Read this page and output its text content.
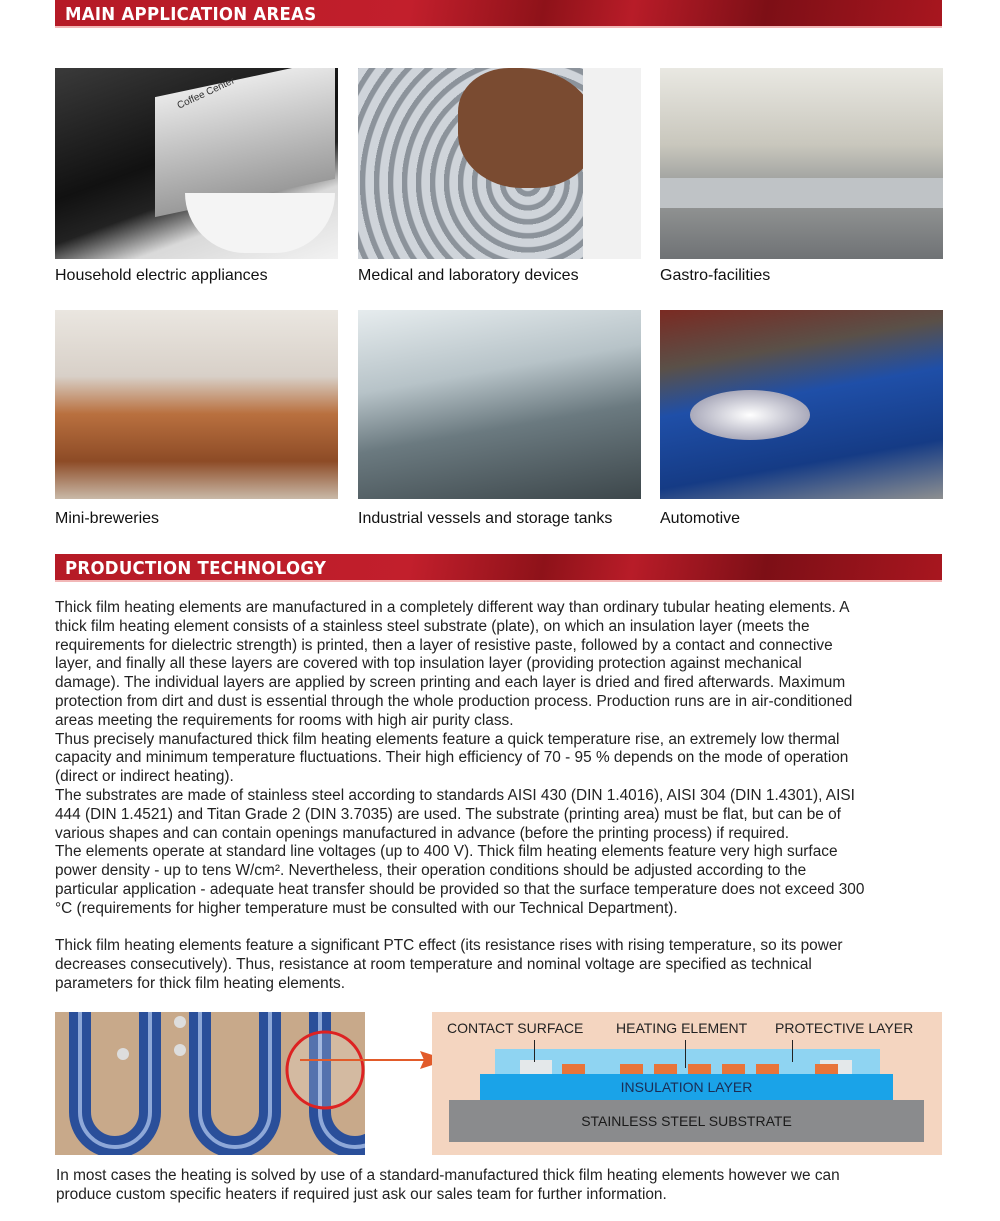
MAIN APPLICATION AREAS
Coffee Center
Household electric appliances	Medical and laboratory devices	Gastro-facilities
Mini-breweries	Industrial vessels and storage tanks	Automotive
PRODUCTION TECHNOLOGY
Thick film heating elements are manufactured in a completely different way than ordinary tubular heating elements. A
thick film heating element consists of a stainless steel substrate (plate), on which an insulation layer (meets the
requirements for dielectric strength) is printed, then a layer of resistive paste, followed by a contact and connective
layer, and finally all these layers are covered with top insulation layer (providing protection against mechanical
damage). The individual layers are applied by screen printing and each layer is dried and fired afterwards. Maximum
protection from dirt and dust is essential through the whole production process. Production runs are in air-conditioned
areas meeting the requirements for rooms with high air purity class.
Thus precisely manufactured thick film heating elements feature a quick temperature rise, an extremely low thermal
capacity and minimum temperature fluctuations. Their high efficiency of 70 - 95 % depends on the mode of operation
(direct or indirect heating).
The substrates are made of stainless steel according to standards AISI 430 (DIN 1.4016), AISI 304 (DIN 1.4301), AISI
444 (DIN 1.4521) and Titan Grade 2 (DIN 3.7035) are used. The substrate (printing area) must be flat, but can be of
various shapes and can contain openings manufactured in advance (before the printing process) if required.
The elements operate at standard line voltages (up to 400 V). Thick film heating elements feature very high surface
power density - up to tens W/cm². Nevertheless, their operation conditions should be adjusted according to the
particular application - adequate heat transfer should be provided so that the surface temperature does not exceed 300
°C (requirements for higher temperature must be consulted with our Technical Department).
Thick film heating elements feature a significant PTC effect (its resistance rises with rising temperature, so its power
decreases consecutively). Thus, resistance at room temperature and nominal voltage are specified as technical
parameters for thick film heating elements.
CONTACT SURFACE HEATING ELEMENT PROTECTIVE LAYER
INSULATION LAYER
STAINLESS STEEL SUBSTRATE
In most cases the heating is solved by use of a standard-manufactured thick film heating elements however we can
produce custom specific heaters if required just ask our sales team for further information.
